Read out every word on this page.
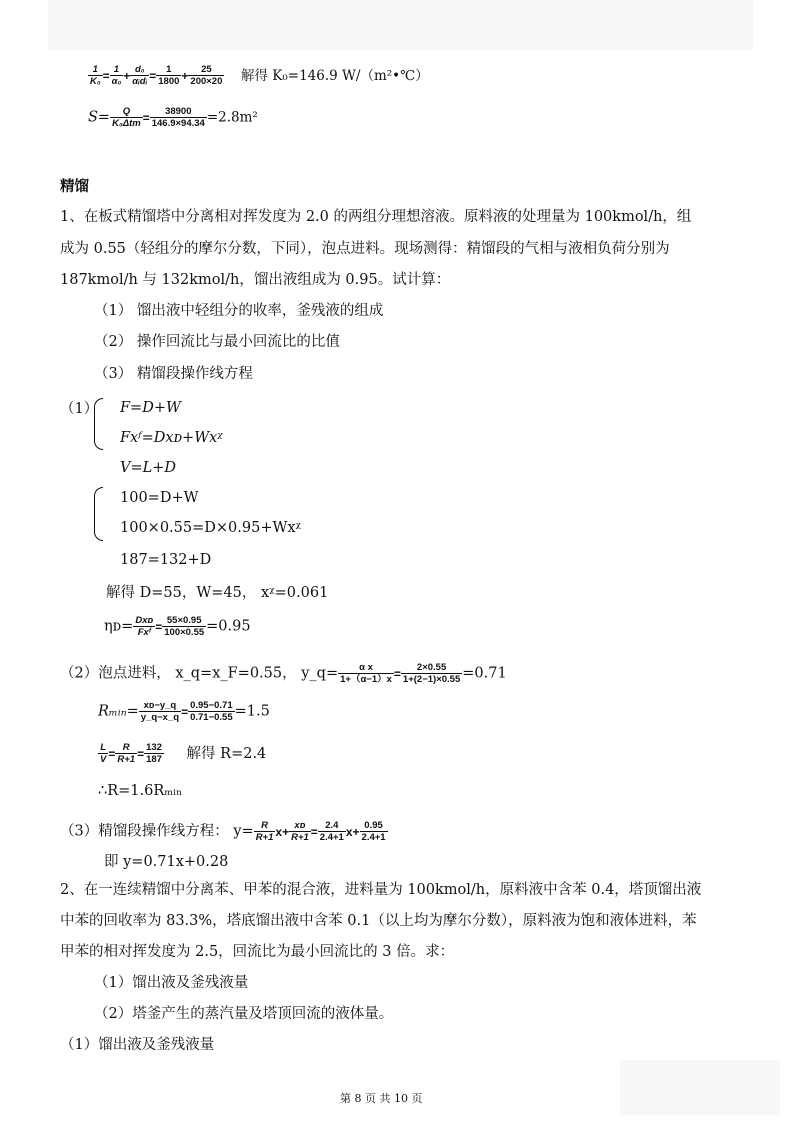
$\frac{1}{\text{K₀}} = \frac{1}{\text{α₀}} + d_0$
αᵢdᵢ = $\frac{1}{1800} + \frac{25}{200\times 20}$ 解得 K₀=146.9 W/（m²•℃）
S=	Q
$K_0\Delta tm = \frac{38900}{146.9\times 94.34} =2.8m^2$
精馏
1、在板式精馏塔中分离相对挥发度为 2.0 的两组分理想溶液。原料液的处理量为 100kmol/h，组
成为 0.55（轻组分的摩尔分数，下同），泡点进料。现场测得：精馏段的气相与液相负荷分别为
187kmol/h 与 132kmol/h，馏出液组成为 0.95。试计算：
（1） 馏出液中轻组分的收率，釜残液的组成
（2） 操作回流比与最小回流比的比值
（3） 精馏段操作线方程
（1） F=D+W
Fxᶠ=Dxᴅ+Wxᵡ
V=L+D
100=D+W
100×0.55=D×0.95+Wxᵡ
187=132+D
解得 D=55，W=45， xᵡ=0.061
ηᴅ= Dxᴅ
Fxᶠ = $\frac{55\times 0.95}{100\times 0.55} =0.95$
（2）泡点进料， x_q=x_F=0.55， y_q= $\frac{\text{α x}}{1+(\alpha-1)x} = \frac{2\times 0.55}{1+(2-1)\times 0.55} =0.71$
Rₘᵢₙ= $\frac{\text{xᴅ−y\_q}}{y\_q-x\_q} = \frac{0.95-0.71}{0.71-0.55} =1.5$
$\frac{L}{V} = \frac{R}{R+1} = \frac{132}{187}$ 解得 R=2.4
∴R=1.6Rₘᵢₙ
（3）精馏段操作线方程： $y= \frac{R}{R+1} x+ \frac{\text{xᴅ}}{R+1} = \frac{2.4}{2.4+1} x+ \frac{0.95}{2.4+1}$
即 y=0.71x+0.28
2、在一连续精馏中分离苯、甲苯的混合液，进料量为 100kmol/h，原料液中含苯 0.4，塔顶馏出液
中苯的回收率为 83.3%，塔底馏出液中含苯 0.1（以上均为摩尔分数），原料液为饱和液体进料，苯
甲苯的相对挥发度为 2.5，回流比为最小回流比的 3 倍。求：
（1）馏出液及釜残液量
（2）塔釜产生的蒸汽量及塔顶回流的液体量。
（1）馏出液及釜残液量
第 8 页 共 10 页
